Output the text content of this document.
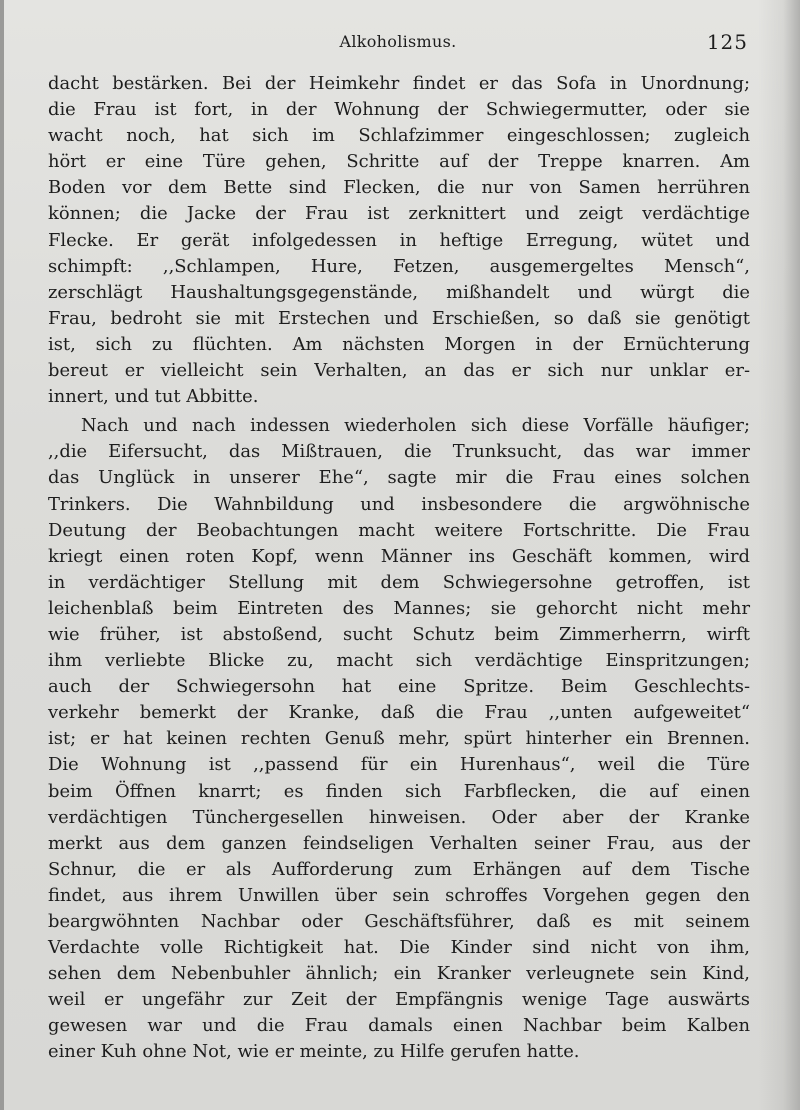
Alkoholismus.	125
dacht bestärken. Bei der Heimkehr findet er das Sofa in Unordnung;
die Frau ist fort, in der Wohnung der Schwiegermutter, oder sie
wacht noch, hat sich im Schlafzimmer eingeschlossen; zugleich
hört er eine Türe gehen, Schritte auf der Treppe knarren. Am
Boden vor dem Bette sind Flecken, die nur von Samen herrühren
können; die Jacke der Frau ist zerknittert und zeigt verdächtige
Flecke. Er gerät infolgedessen in heftige Erregung, wütet und
schimpft: ,,Schlampen, Hure, Fetzen, ausgemergeltes Mensch“,
zerschlägt Haushaltungsgegenstände, mißhandelt und würgt die
Frau, bedroht sie mit Erstechen und Erschießen, so daß sie genötigt
ist, sich zu flüchten. Am nächsten Morgen in der Ernüchterung
bereut er vielleicht sein Verhalten, an das er sich nur unklar er-
innert, und tut Abbitte.
Nach und nach indessen wiederholen sich diese Vorfälle häufiger;
,,die Eifersucht, das Mißtrauen, die Trunksucht, das war immer
das Unglück in unserer Ehe“, sagte mir die Frau eines solchen
Trinkers. Die Wahnbildung und insbesondere die argwöhnische
Deutung der Beobachtungen macht weitere Fortschritte. Die Frau
kriegt einen roten Kopf, wenn Männer ins Geschäft kommen, wird
in verdächtiger Stellung mit dem Schwiegersohne getroffen, ist
leichenblaß beim Eintreten des Mannes; sie gehorcht nicht mehr
wie früher, ist abstoßend, sucht Schutz beim Zimmerherrn, wirft
ihm verliebte Blicke zu, macht sich verdächtige Einspritzungen;
auch der Schwiegersohn hat eine Spritze. Beim Geschlechts-
verkehr bemerkt der Kranke, daß die Frau ,,unten aufgeweitet“
ist; er hat keinen rechten Genuß mehr, spürt hinterher ein Brennen.
Die Wohnung ist ,,passend für ein Hurenhaus“, weil die Türe
beim Öffnen knarrt; es finden sich Farbflecken, die auf einen
verdächtigen Tünchergesellen hinweisen. Oder aber der Kranke
merkt aus dem ganzen feindseligen Verhalten seiner Frau, aus der
Schnur, die er als Aufforderung zum Erhängen auf dem Tische
findet, aus ihrem Unwillen über sein schroffes Vorgehen gegen den
beargwöhnten Nachbar oder Geschäftsführer, daß es mit seinem
Verdachte volle Richtigkeit hat. Die Kinder sind nicht von ihm,
sehen dem Nebenbuhler ähnlich; ein Kranker verleugnete sein Kind,
weil er ungefähr zur Zeit der Empfängnis wenige Tage auswärts
gewesen war und die Frau damals einen Nachbar beim Kalben
einer Kuh ohne Not, wie er meinte, zu Hilfe gerufen hatte.
